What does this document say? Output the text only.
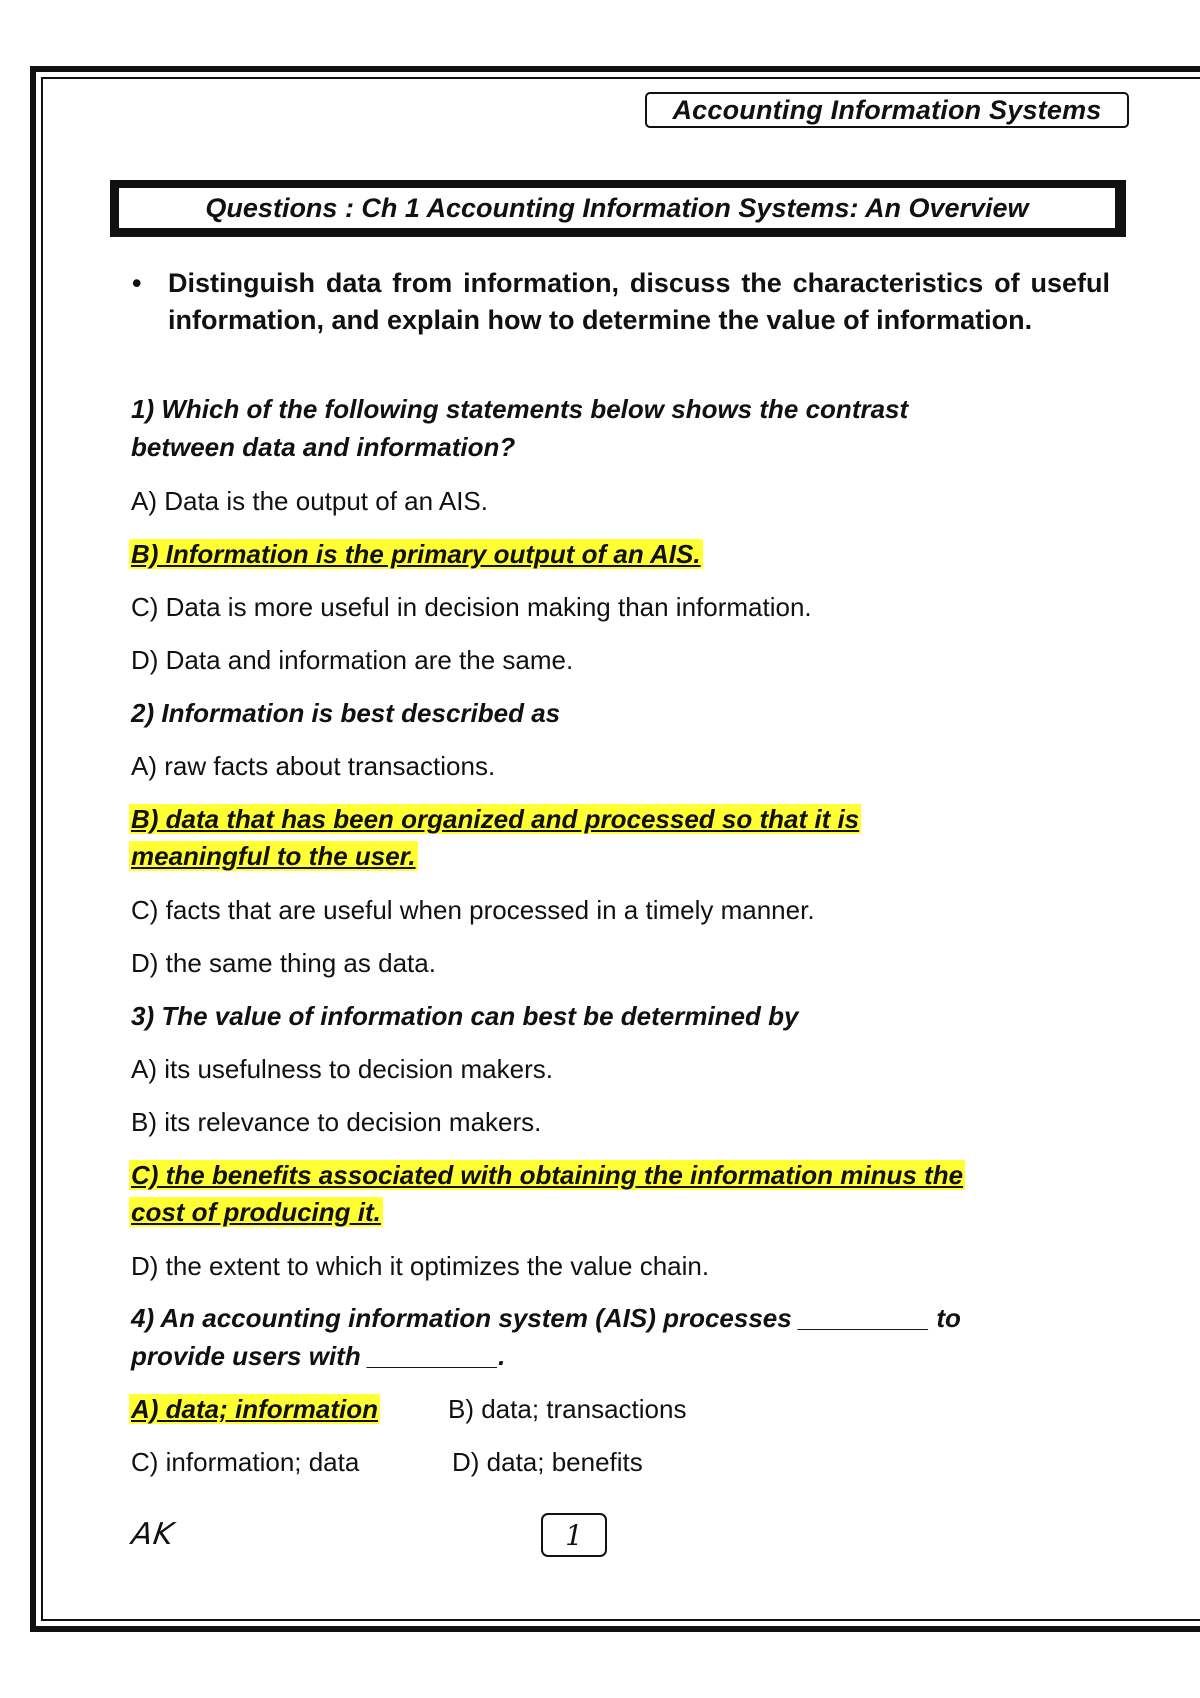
Accounting Information Systems
Questions : Ch 1 Accounting Information Systems: An Overview
• Distinguish data from information, discuss the characteristics of useful information, and explain how to determine the value of information.
1) Which of the following statements below shows the contrast
between data and information?
A) Data is the output of an AIS.
B) Information is the primary output of an AIS.
C) Data is more useful in decision making than information.
D) Data and information are the same.
2) Information is best described as
A) raw facts about transactions.
B) data that has been organized and processed so that it is
meaningful to the user.
C) facts that are useful when processed in a timely manner.
D) the same thing as data.
3) The value of information can best be determined by
A) its usefulness to decision makers.
B) its relevance to decision makers.
C) the benefits associated with obtaining the information minus the
cost of producing it.
D) the extent to which it optimizes the value chain.
4) An accounting information system (AIS) processes _________ to
provide users with _________.
A) data; information	B) data; transactions
C) information; data	D) data; benefits
AK	1
